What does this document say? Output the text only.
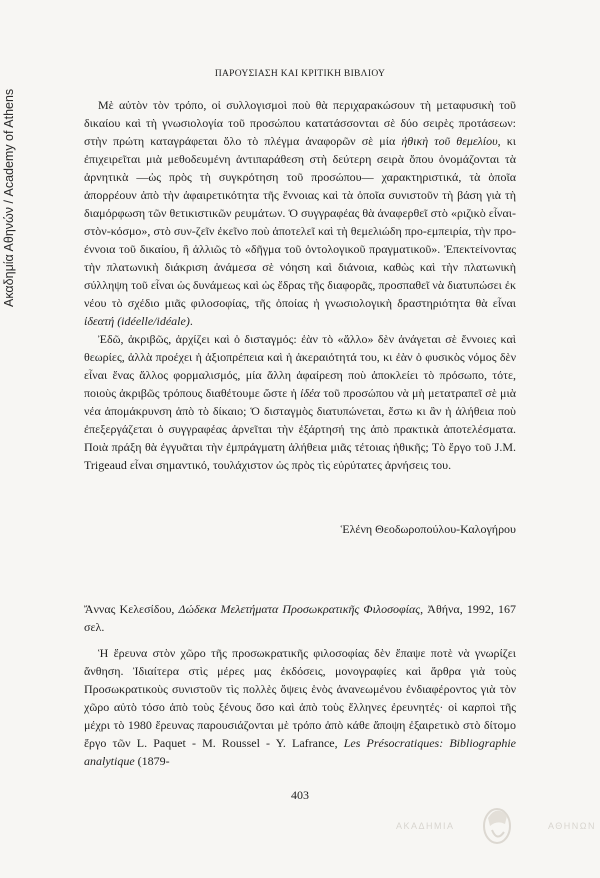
Ακαδημία Αθηνών / Academy of Athens
ΠΑΡΟΥΣΙΑΣΗ ΚΑΙ ΚΡΙΤΙΚΗ ΒΙΒΛΙΟΥ

Μὲ αὐτὸν τὸν τρόπο, οἱ συλλογισμοὶ ποὺ θὰ περιχαρακώσουν τὴ μεταφυσικὴ τοῦ δικαίου καὶ τὴ γνωσιολογία τοῦ προσώπου κατατάσσονται σὲ δύο σειρὲς προτάσεων: στὴν πρώτη καταγράφεται ὅλο τὸ πλέγμα ἀναφορῶν σὲ μία ἠθικὴ τοῦ θεμελίου, κι ἐπιχειρεῖται μιὰ μεθοδευμένη ἀντιπαράθεση στὴ δεύτερη σειρὰ ὅπου ὀνομάζονται τὰ ἀρνητικὰ —ὡς πρὸς τὴ συγκρότηση τοῦ προσώπου— χαρακτηριστικά, τὰ ὁποῖα ἀπορρέουν ἀπὸ τὴν ἀφαιρετικότητα τῆς ἔννοιας καὶ τὰ ὁποῖα συνιστοῦν τὴ βάση γιὰ τὴ διαμόρφωση τῶν θετικιστικῶν ρευμάτων. Ὁ συγγραφέας θὰ ἀναφερθεῖ στὸ «ριζικὸ εἶναι-στὸν-κόσμο», στὸ συν-ζεῖν ἐκεῖνο ποὺ ἀποτελεῖ καὶ τὴ θεμελιώδη προ-εμπειρία, τὴν προ-έννοια τοῦ δικαίου, ἢ ἀλλιῶς τὸ «δῆγμα τοῦ ὀντολογικοῦ πραγματικοῦ». Ἐπεκτείνοντας τὴν πλατωνικὴ διάκριση ἀνάμεσα σὲ νόηση καὶ διάνοια, καθὼς καὶ τὴν πλατωνικὴ σύλληψη τοῦ εἶναι ὡς δυνάμεως καὶ ὡς ἕδρας τῆς διαφορᾶς, προσπαθεῖ νὰ διατυπώσει ἐκ νέου τὸ σχέδιο μιᾶς φιλοσοφίας, τῆς ὁποίας ἡ γνωσιολογικὴ δραστηριότητα θὰ εἶναι ἰδεατή (idéelle/idéale).

Ἐδῶ, ἀκριβῶς, ἀρχίζει καὶ ὁ δισταγμός: ἐὰν τὸ «ἄλλο» δὲν ἀνάγεται σὲ ἔννοιες καὶ θεωρίες, ἀλλὰ προέχει ἡ ἀξιοπρέπεια καὶ ἡ ἀκεραιότητά του, κι ἐὰν ὁ φυσικὸς νόμος δὲν εἶναι ἕνας ἄλλος φορμαλισμός, μία ἄλλη ἀφαίρεση ποὺ ἀποκλείει τὸ πρόσωπο, τότε, ποιοὺς ἀκριβῶς τρόπους διαθέτουμε ὥστε ἡ ἰδέα τοῦ προσώπου νὰ μὴ μετατραπεῖ σὲ μιὰ νέα ἀπομάκρυνση ἀπὸ τὸ δίκαιο; Ὁ δισταγμὸς διατυπώνεται, ἔστω κι ἂν ἡ ἀλήθεια ποὺ ἐπεξεργάζεται ὁ συγγραφέας ἀρνεῖται τὴν ἐξάρτησή της ἀπὸ πρακτικὰ ἀποτελέσματα. Ποιὰ πράξη θὰ ἐγγυᾶται τὴν ἐμπράγματη ἀλήθεια μιᾶς τέτοιας ἠθικῆς; Τὸ ἔργο τοῦ J.M. Trigeaud εἶναι σημαντικό, τουλάχιστον ὡς πρὸς τὶς εὐρύτατες ἀρνήσεις του.

Ἑλένη Θεοδωροπούλου-Καλογήρου
Ἄννας Κελεσίδου, Δώδεκα Μελετήματα Προσωκρατικῆς Φιλοσοφίας, Ἀθήνα, 1992, 167 σελ.

Ἡ ἔρευνα στὸν χῶρο τῆς προσωκρατικῆς φιλοσοφίας δὲν ἔπαψε ποτὲ νὰ γνωρίζει ἄνθηση. Ἰδιαίτερα στὶς μέρες μας ἐκδόσεις, μονογραφίες καὶ ἄρθρα γιὰ τοὺς Προσωκρατικοὺς συνιστοῦν τὶς πολλὲς ὄψεις ἑνὸς ἀνανεωμένου ἐνδιαφέροντος γιὰ τὸν χῶρο αὐτὸ τόσο ἀπὸ τοὺς ξένους ὅσο καὶ ἀπὸ τοὺς ἕλληνες ἐρευνητές· οἱ καρποὶ τῆς μέχρι τὸ 1980 ἔρευνας παρουσιάζονται μὲ τρόπο ἀπὸ κάθε ἄποψη ἐξαιρετικὸ στὸ δίτομο ἔργο τῶν L. Paquet - M. Roussel - Y. Lafrance, Les Présocratiques: Bibliographie analytique (1879-

403
ΑΚΑΔΗΜΙΑ	ΑΘΗΝΩΝ
